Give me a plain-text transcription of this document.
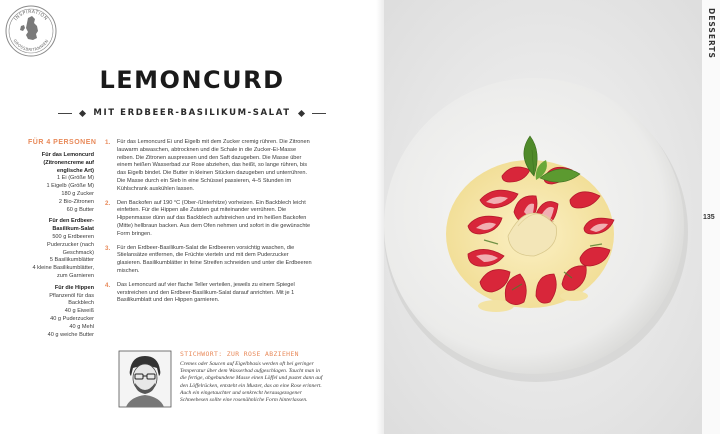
INSPIRATION
GROSSBRITANNIEN
LEMONCURD
MIT ERDBEER-BASILIKUM-SALAT
FÜR 4 PERSONEN
Für das Lemoncurd (Zitronencreme auf englische Art)
1 Ei (Größe M)
1 Eigelb (Größe M)
180 g Zucker
2 Bio-Zitronen
60 g Butter
Für den Erdbeer-Basilikum-Salat
500 g Erdbeeren
Puderzucker (nach Geschmack)
5 Basilikumblätter
4 kleine Basilikumblätter, zum Garnieren
Für die Hippen
Pflanzenöl für das Backblech
40 g Eiweiß
40 g Puderzucker
40 g Mehl
40 g weiche Butter
1. Für das Lemoncurd Ei und Eigelb mit dem Zucker cremig rühren. Die Zitronen lauwarm abwaschen, abtrocknen und die Schale in die Zucker-Ei-Masse reiben. Die Zitronen auspressen und den Saft dazugeben. Die Masse über einem heißen Wasserbad zur Rose abziehen, das heißt, so lange rühren, bis das Eigelb bindet. Die Butter in kleinen Stücken dazugeben und unterrühren. Die Masse durch ein Sieb in eine Schüssel passieren, 4–5 Stunden im Kühlschrank auskühlen lassen.
2. Den Backofen auf 190 °C (Ober-/Unterhitze) vorheizen. Ein Backblech leicht einfetten. Für die Hippen alle Zutaten gut miteinander verrühren. Die Hippenmasse dünn auf das Backblech aufstreichen und im heißen Backofen (Mitte) hellbraun backen. Aus dem Ofen nehmen und sofort in die gewünschte Form bringen.
3. Für den Erdbeer-Basilikum-Salat die Erdbeeren vorsichtig waschen, die Stielansätze entfernen, die Früchte vierteln und mit dem Puderzucker glasieren. Basilikumblätter in feine Streifen schneiden und unter die Erdbeeren mischen.
4. Das Lemoncurd auf vier flache Teller verteilen, jeweils zu einem Spiegel verstreichen und den Erdbeer-Basilikum-Salat darauf anrichten. Mit je 1 Basilikumblatt und den Hippen garnieren.
STICHWORT: ZUR ROSE ABZIEHEN
Cremes oder Saucen auf Eigelbbasis werden oft bei geringer Temperatur über dem Wasserbad aufgeschlagen. Taucht man in die fertige, abgebundene Masse einen Löffel und pustet dann auf den Löffelrücken, entsteht ein Muster, das an eine Rose erinnert. Auch ein eingetauchter und senkrecht herausgezogener Schneebesen sollte eine rosenähnliche Form hinterlassen.
DESSERTS
135
